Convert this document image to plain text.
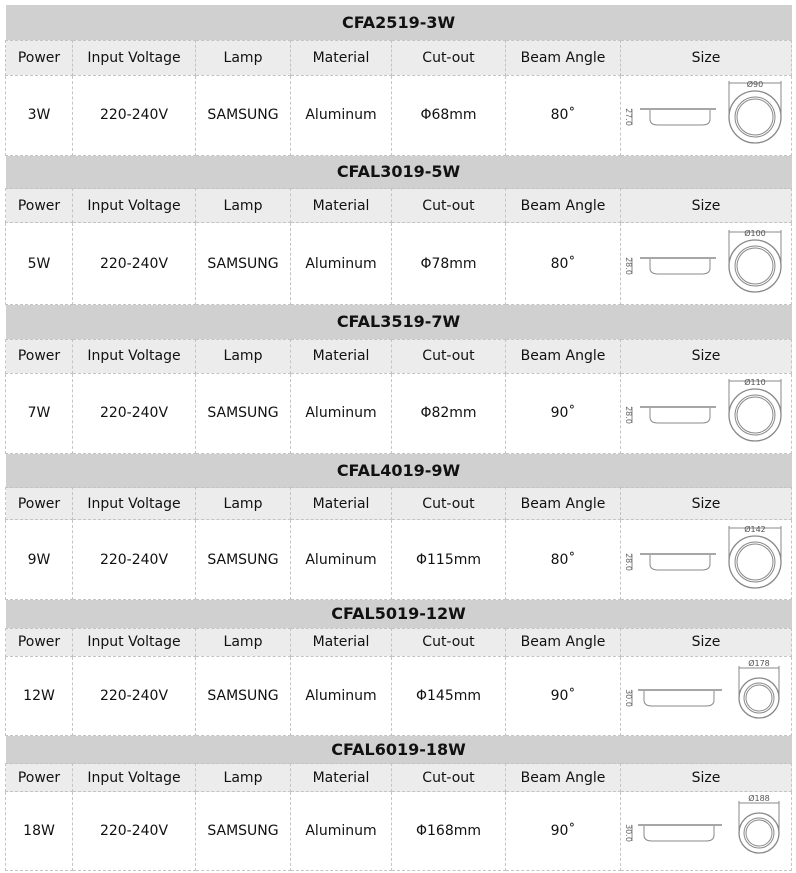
CFA2519-3W						
Power	Input Voltage	Lamp	Material	Cut-out	Beam Angle	Size
3W	220-240V	SAMSUNG	Aluminum	Φ68mm	80˚	27.0
Ø90
CFAL3019-5W						
Power	Input Voltage	Lamp	Material	Cut-out	Beam Angle	Size
5W	220-240V	SAMSUNG	Aluminum	Φ78mm	80˚	28.0
Ø100
CFAL3519-7W						
Power	Input Voltage	Lamp	Material	Cut-out	Beam Angle	Size
7W	220-240V	SAMSUNG	Aluminum	Φ82mm	90˚	28.0
Ø110
CFAL4019-9W						
Power	Input Voltage	Lamp	Material	Cut-out	Beam Angle	Size
9W	220-240V	SAMSUNG	Aluminum	Φ115mm	80˚	28.0
Ø142
CFAL5019-12W						
Power	Input Voltage	Lamp	Material	Cut-out	Beam Angle	Size
12W	220-240V	SAMSUNG	Aluminum	Φ145mm	90˚	30.0
Ø178
CFAL6019-18W						
Power	Input Voltage	Lamp	Material	Cut-out	Beam Angle	Size
18W	220-240V	SAMSUNG	Aluminum	Φ168mm	90˚	30.0
Ø188
